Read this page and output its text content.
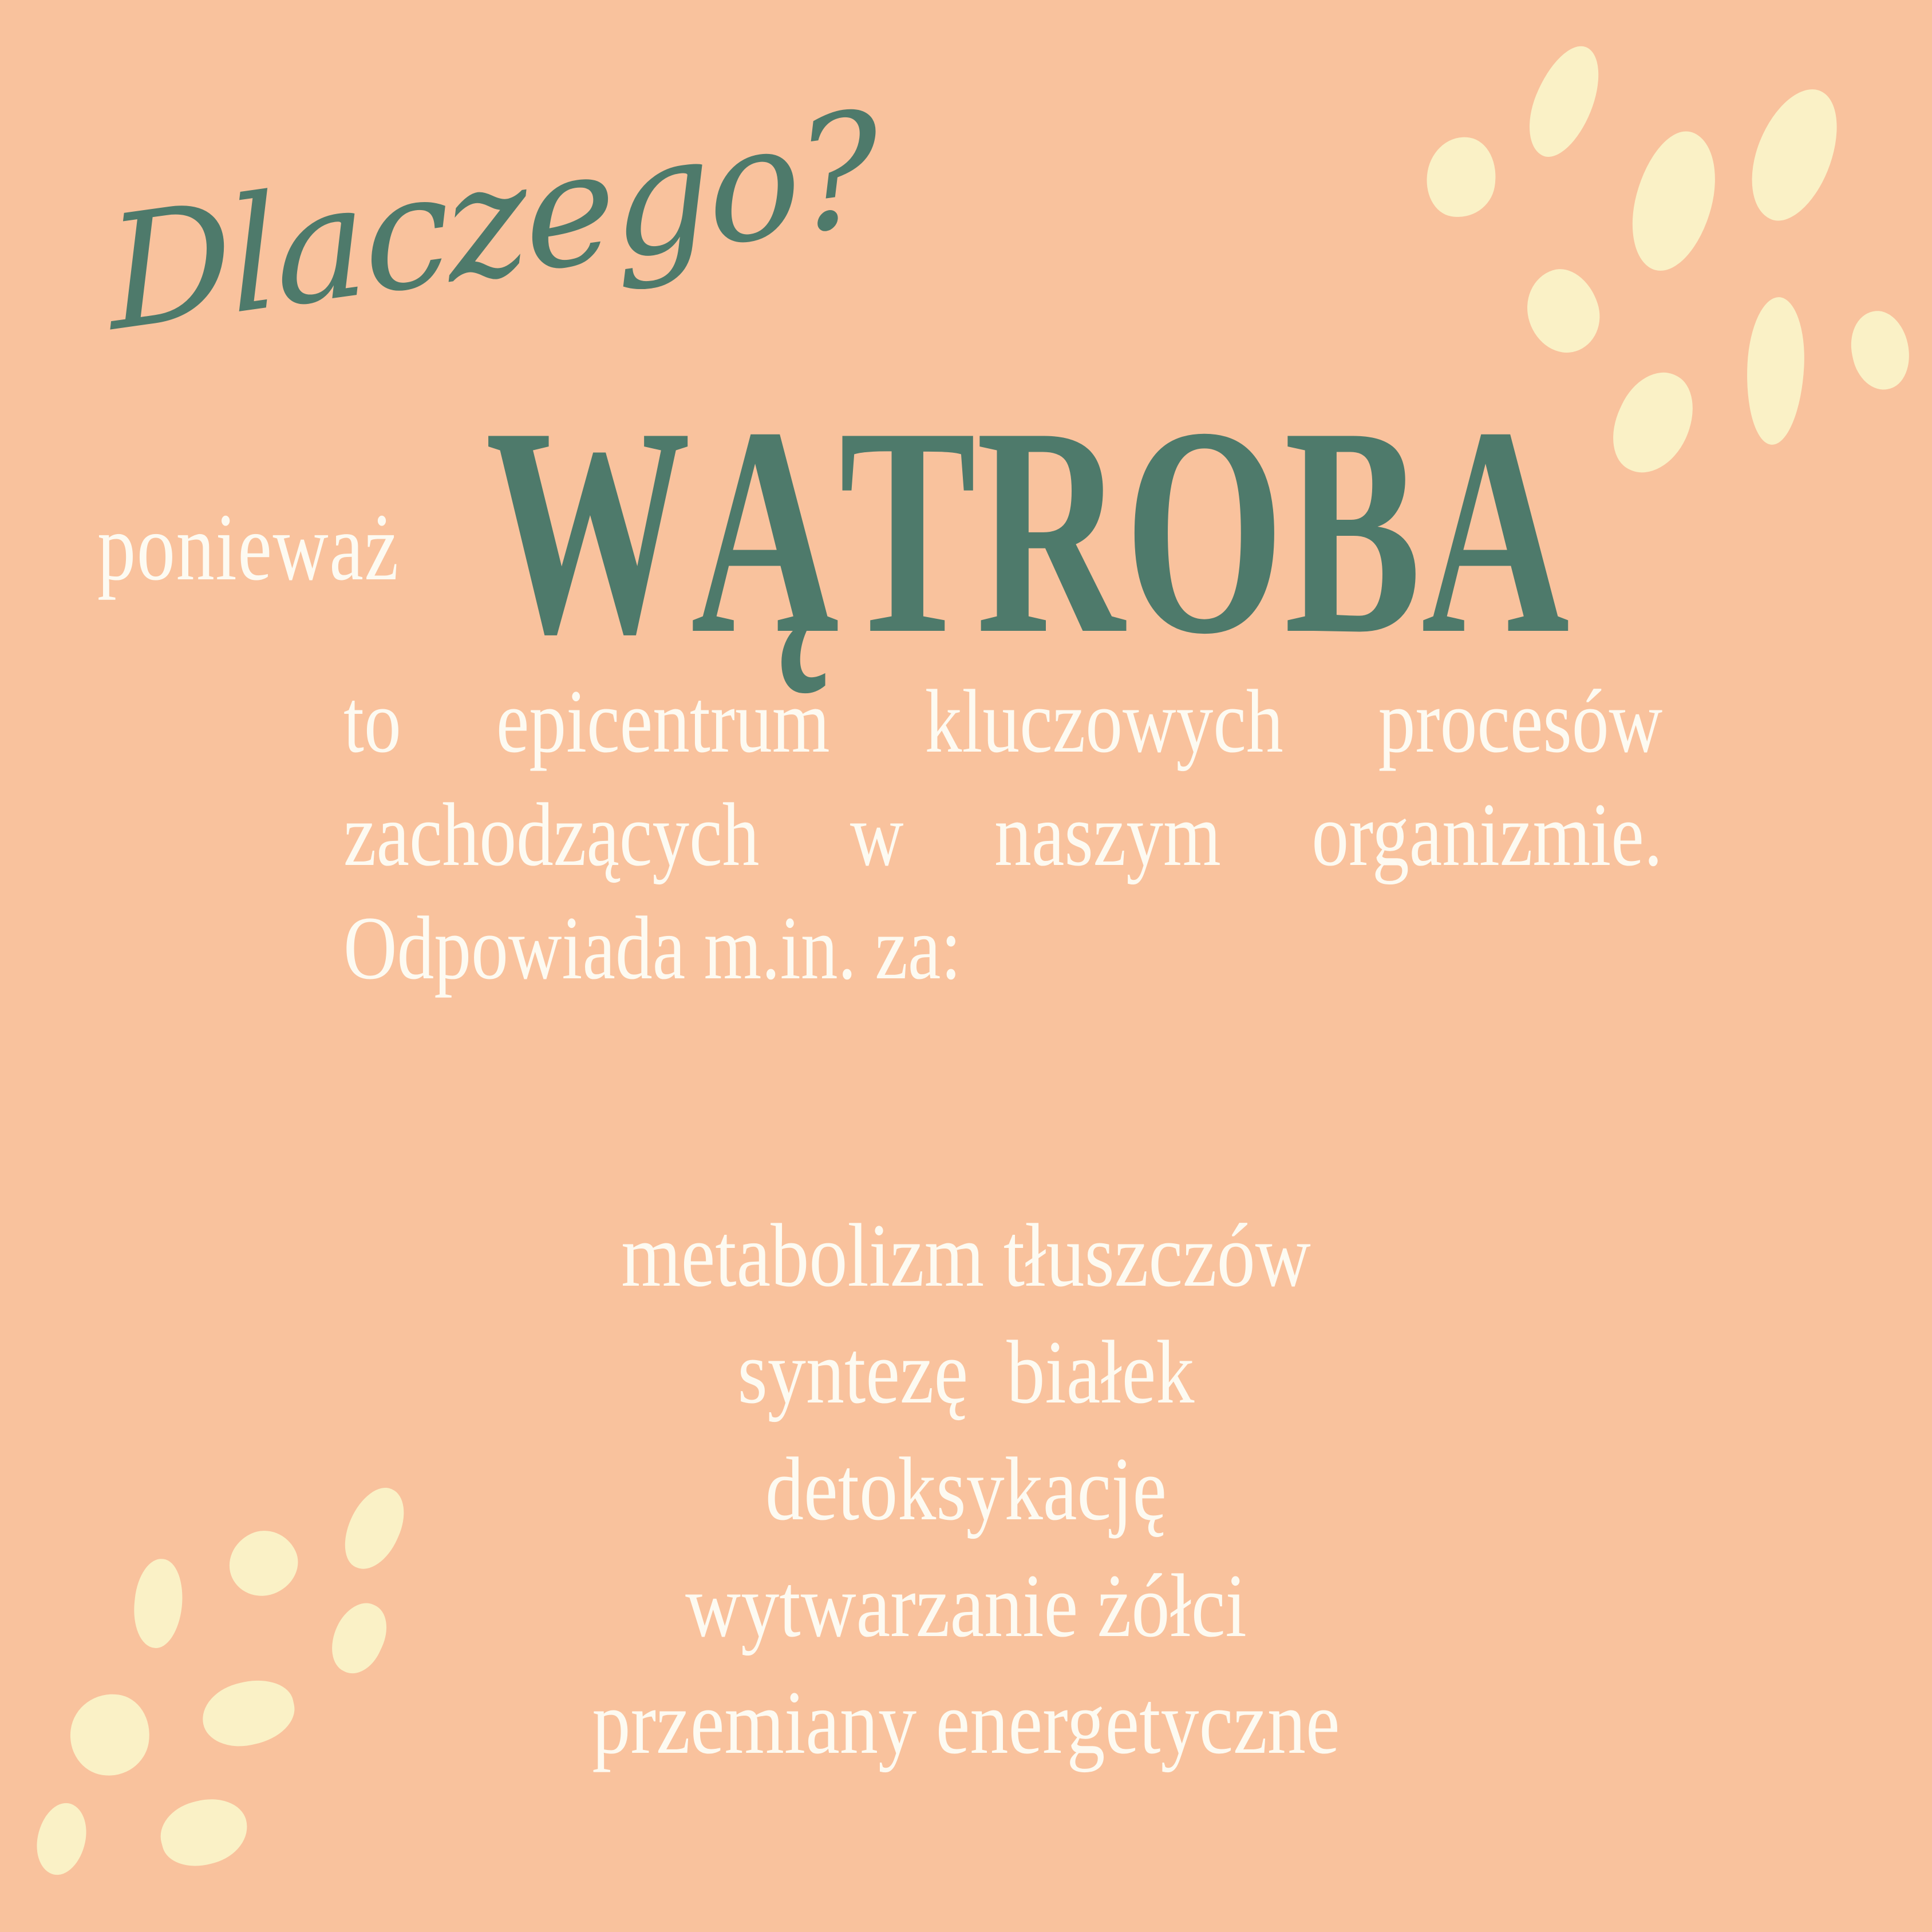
Dlaczego?
ponieważ WĄTROBA
to epicentrum kluczowych procesów
zachodzących w naszym organizmie.
Odpowiada m.in. za:
metabolizm tłuszczów
syntezę  białek
detoksykację
wytwarzanie żółci
przemiany energetyczne
